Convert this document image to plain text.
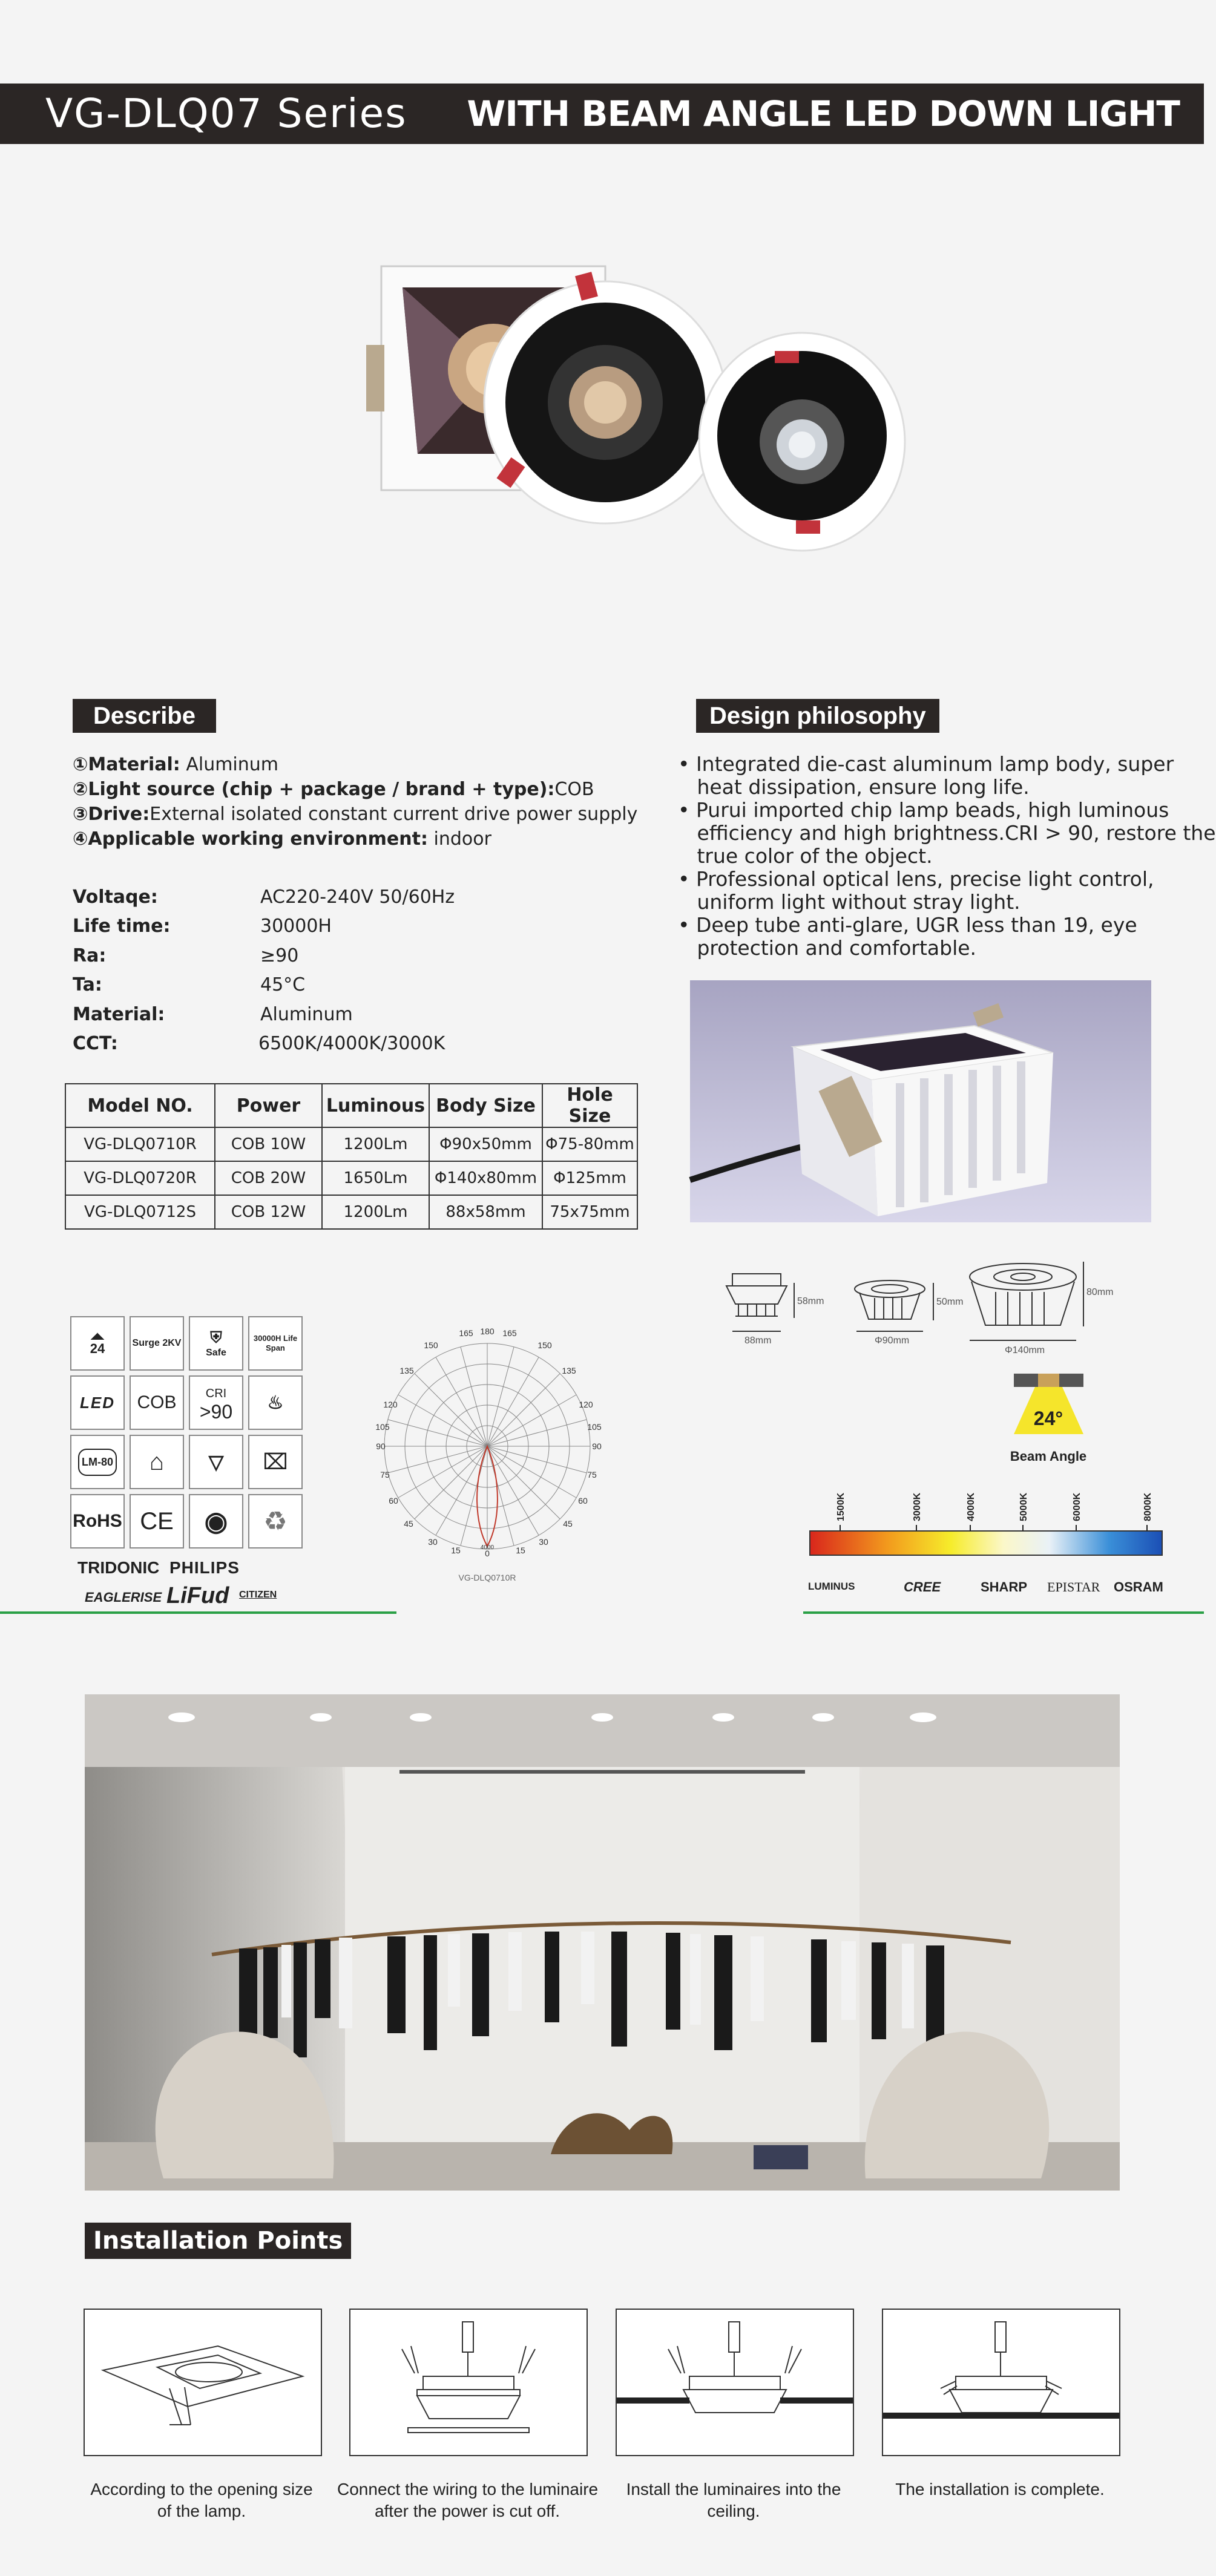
VG-DLQ07 Series WITH BEAM ANGLE LED DOWN LIGHT
Describe
①Material: Aluminum
②Light source (chip + package / brand + type):COB
③Drive:External isolated constant current drive power supply
④Applicable working environment: indoor
Voltaqe:	AC220-240V 50/60Hz
Life time:	30000H
Ra:	≥90
Ta:	45°C
Material:	Aluminum
CCT:	6500K/4000K/3000K
Model NO.	Power	Luminous	Body Size	Hole Size
VG-DLQ0710R	COB 10W	1200Lm	Φ90x50mm	Φ75-80mm
VG-DLQ0720R	COB 20W	1650Lm	Φ140x80mm	Φ125mm
VG-DLQ0712S	COB 12W	1200Lm	88x58mm	75x75mm
Design philosophy
• Integrated die-cast aluminum lamp body, super
heat dissipation, ensure long life.
• Purui imported chip lamp beads, high luminous
efficiency and high brightness.CRI > 90, restore the
true color of the object.
• Professional optical lens, precise light control,
uniform light without stray light.
• Deep tube anti-glare, UGR less than 19, eye
protection and comfortable.
◢◣
24	Surge 2KV ⛨
Safe
30000H Life Span
LED COB CRI
>90	♨
LM-80	⌂	▽	⌧
RoHS CE	◉	♻
TRIDONIC PHILIPS
EAGLERISE LiFud CITIZEN
165 180 165
150
135
120
105
90
75
60
45
30
15
150
135
120
105
90
75
60
45
30
15
4000
0
VG-DLQ0710R
58mm
88mm
50mm
Φ90mm
80mm
Φ140mm
24°
Beam Angle
1500K	3000K	4000K	5000K	6000K	8000K
LUMINUS	CREE	SHARP EPISTAR OSRAM
Installation Points
According to the opening size
of the lamp.
Connect the wiring to the luminaire
after the power is cut off.
Install the luminaires into the
ceiling.
The installation is complete.
